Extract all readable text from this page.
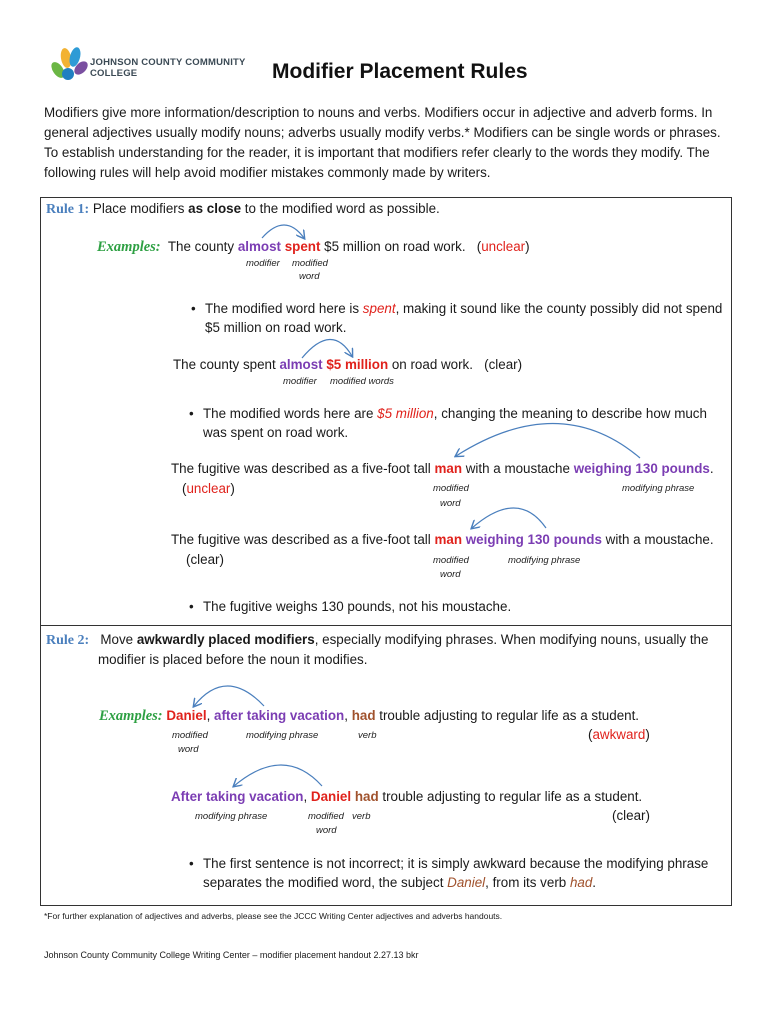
JOHNSON COUNTY COMMUNITY COLLEGE	Modifier Placement Rules
Modifiers give more information/description to nouns and verbs. Modifiers occur in adjective and adverb forms. In general adjectives usually modify nouns; adverbs usually modify verbs.* Modifiers can be single words or phrases. To establish understanding for the reader, it is important that modifiers refer clearly to the words they modify. The following rules will help avoid modifier mistakes commonly made by writers.
Rule 1: Place modifiers as close to the modified word as possible.
Examples: The county almost spent $5 million on road work. (unclear)
modifier modified
word
• The modified word here is spent, making it sound like the county possibly did not spend $5 million on road work.
The county spent almost $5 million on road work. (clear)
modifier modified words
• The modified words here are $5 million, changing the meaning to describe how much was spent on road work.
The fugitive was described as a five-foot tall man with a moustache weighing 130 pounds.
(unclear)	modified
word
modifying phrase
The fugitive was described as a five-foot tall man weighing 130 pounds with a moustache.
(clear)	modified
word
modifying phrase
• The fugitive weighs 130 pounds, not his moustache.
Rule 2: Move awkwardly placed modifiers, especially modifying phrases. When modifying nouns, usually the
modifier is placed before the noun it modifies.
Examples: Daniel, after taking vacation, had trouble adjusting to regular life as a student.
modified
word
modifying phrase	verb	(awkward)
After taking vacation, Daniel had trouble adjusting to regular life as a student.
modifying phrase	modified
word
verb	(clear)
• The first sentence is not incorrect; it is simply awkward because the modifying phrase separates the modified word, the subject Daniel, from its verb had.
*For further explanation of adjectives and adverbs, please see the JCCC Writing Center adjectives and adverbs handouts.
Johnson County Community College Writing Center – modifier placement handout 2.27.13 bkr
